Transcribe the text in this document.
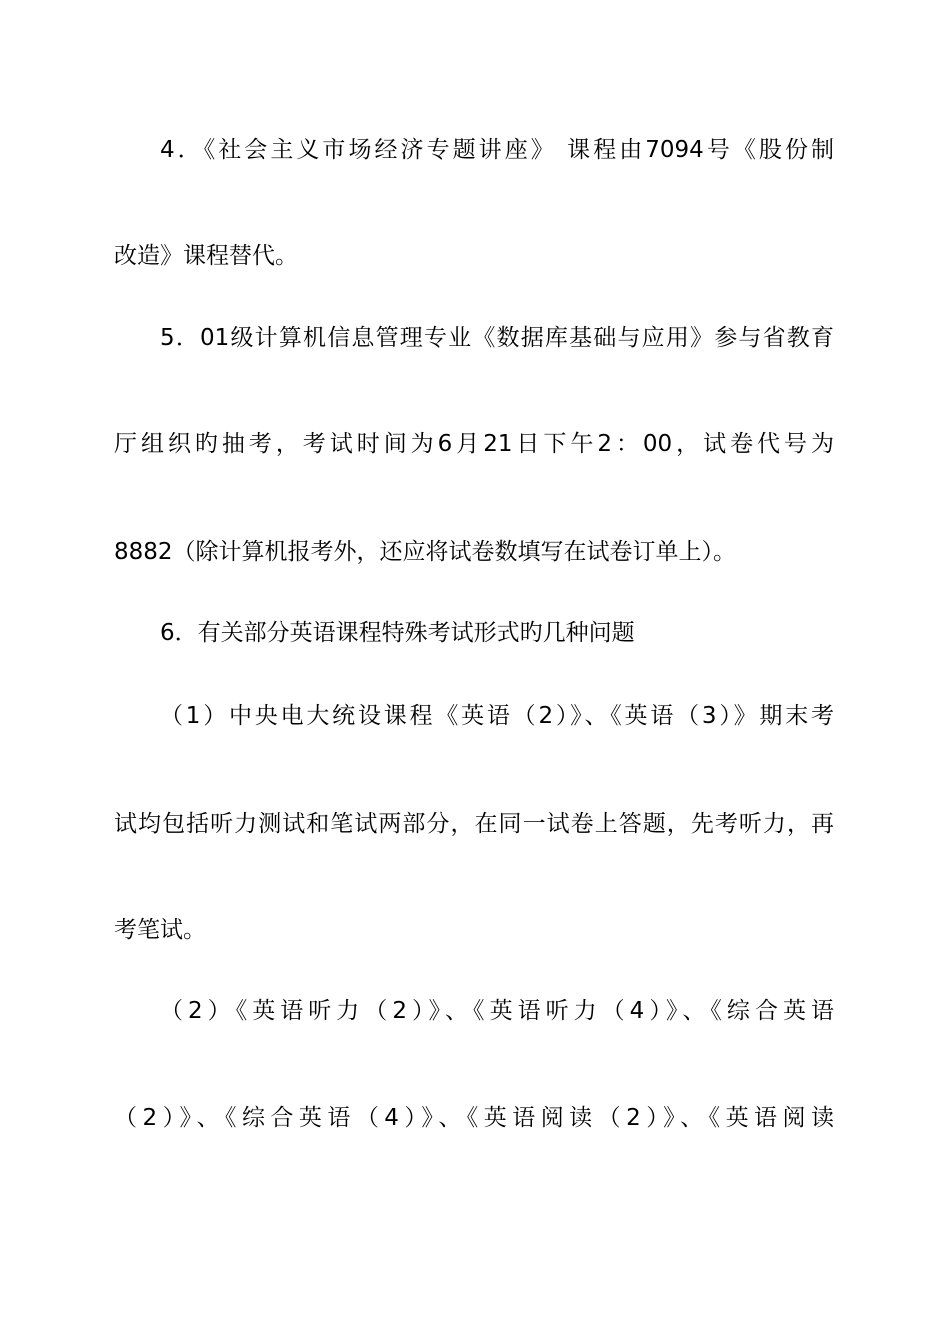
4．《社会主义市场经济专题讲座》 课程由7094号《股份制
改造》课程替代。
5．01级计算机信息管理专业《数据库基础与应用》参与省教育
厅组织旳抽考，考试时间为6月21日下午2：00，试卷代号为
8882（除计算机报考外，还应将试卷数填写在试卷订单上）。
6．有关部分英语课程特殊考试形式旳几种问题
（1）中央电大统设课程《英语（2）》、《英语（3）》期末考
试均包括听力测试和笔试两部分，在同一试卷上答题，先考听力，再
考笔试。
（2）《英语听力（2）》、《英语听力（4）》、《综合英语
（2）》、《综合英语（4）》、《英语阅读（2）》、《英语阅读
